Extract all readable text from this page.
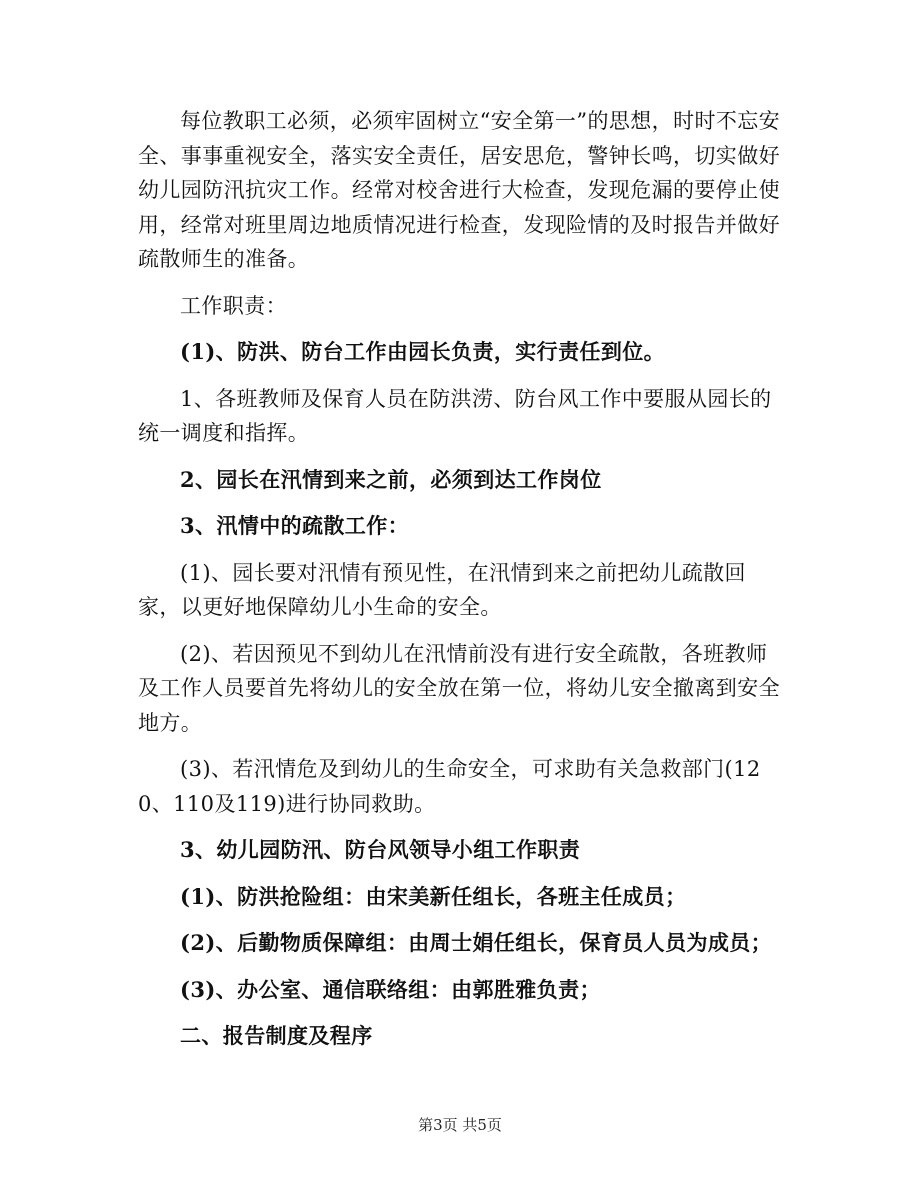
每位教职工必须，必须牢固树立“安全第一”的思想，时时不忘安全、事事重视安全，落实安全责任，居安思危，警钟长鸣，切实做好幼儿园防汛抗灾工作。经常对校舍进行大检查，发现危漏的要停止使用，经常对班里周边地质情况进行检查，发现险情的及时报告并做好疏散师生的准备。

工作职责：

(1)、防洪、防台工作由园长负责，实行责任到位。

1、各班教师及保育人员在防洪涝、防台风工作中要服从园长的统一调度和指挥。

2、园长在汛情到来之前，必须到达工作岗位

3、汛情中的疏散工作：

(1)、园长要对汛情有预见性，在汛情到来之前把幼儿疏散回家，以更好地保障幼儿小生命的安全。

(2)、若因预见不到幼儿在汛情前没有进行安全疏散，各班教师及工作人员要首先将幼儿的安全放在第一位，将幼儿安全撤离到安全地方。

(3)、若汛情危及到幼儿的生命安全，可求助有关急救部门(120、110及119)进行协同救助。

3、幼儿园防汛、防台风领导小组工作职责

(1)、防洪抢险组：由宋美新任组长，各班主任成员；

(2)、后勤物质保障组：由周士娟任组长，保育员人员为成员；

(3)、办公室、通信联络组：由郭胜雅负责；

二、报告制度及程序

第3页 共5页
